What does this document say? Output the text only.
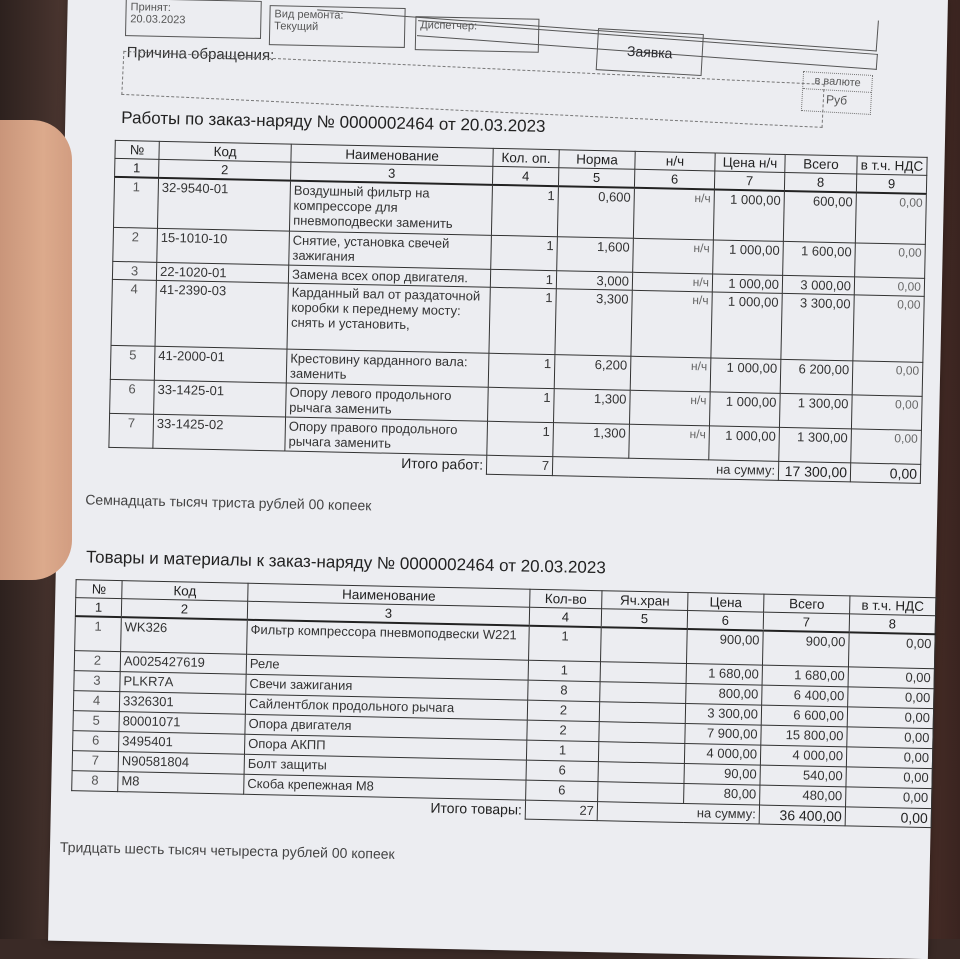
Принят:
20.03.2023	Вид ремонта:
Текущий	Диспетчер:
Заявка
Причина обращения:
в валюте
Руб
Работы по заказ-наряду № 0000002464 от 20.03.2023
№	Код	Наименование	Кол. оп.	Норма	н/ч	Цена н/ч	Всего	в т.ч. НДС
1	2	3	4	5	6	7	8	9
1	32-9540-01	Воздушный фильтр на компрессоре для пневмоподвески заменить	1	0,600	н/ч	1 000,00	600,00	0,00
2	15-1010-10	Снятие, установка свечей зажигания	1	1,600	н/ч	1 000,00	1 600,00	0,00
3	22-1020-01	Замена всех опор двигателя.	1	3,000	н/ч	1 000,00	3 000,00	0,00
4	41-2390-03	Карданный вал от раздаточной коробки к переднему мосту: снять и установить,	1	3,300	н/ч	1 000,00	3 300,00	0,00
5	41-2000-01	Крестовину карданного вала: заменить	1	6,200	н/ч	1 000,00	6 200,00	0,00
6	33-1425-01	Опору левого продольного рычага заменить	1	1,300	н/ч	1 000,00	1 300,00	0,00
7	33-1425-02	Опору правого продольного рычага заменить	1	1,300	н/ч	1 000,00	1 300,00	0,00
Итого работ:			7	на сумму:			17 300,00	0,00
Семнадцать тысяч триста рублей 00 копеек
Товары и материалы к заказ-наряду № 0000002464 от 20.03.2023
№	Код	Наименование	Кол-во	Яч.хран	Цена	Всего	в т.ч. НДС
1	2	3	4	5	6	7	8
1	WK326	Фильтр компрессора пневмоподвески W221	1		900,00	900,00	0,00
2	A0025427619	Реле	1		1 680,00	1 680,00	0,00
3	PLKR7A	Свечи зажигания	8		800,00	6 400,00	0,00
4	3326301	Сайлентблок продольного рычага	2		3 300,00	6 600,00	0,00
5	80001071	Опора двигателя	2		7 900,00	15 800,00	0,00
6	3495401	Опора АКПП	1		4 000,00	4 000,00	0,00
7	N90581804	Болт защиты	6		90,00	540,00	0,00
8	M8	Скоба крепежная M8	6		80,00	480,00	0,00
Итого товары:			27	на сумму:		36 400,00	0,00
Тридцать шесть тысяч четыреста рублей 00 копеек
